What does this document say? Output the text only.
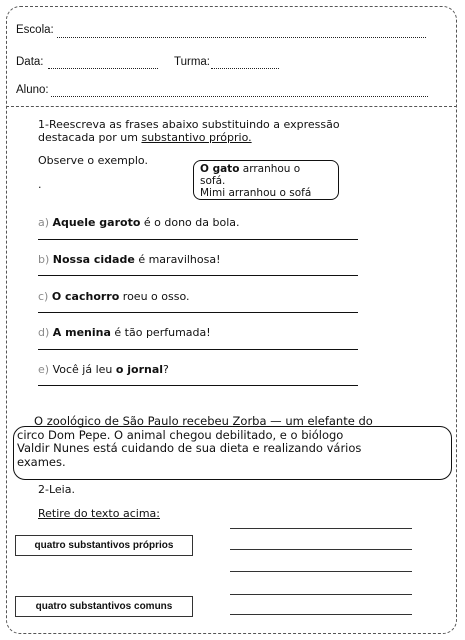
Escola:
Data:	Turma:
Aluno:
1-Reescreva as frases abaixo substituindo a expressão
destacada por um substantivo próprio.
Observe o exemplo.
.
O gato arranhou o
sofá.
Mimi arranhou o sofá
a) Aquele garoto é o dono da bola.
b) Nossa cidade é maravilhosa!
c) O cachorro roeu o osso.
d) A menina é tão perfumada!
e) Você já leu o jornal?
O zoológico de São Paulo recebeu Zorba — um elefante do
circo Dom Pepe. O animal chegou debilitado, e o biólogo
Valdir Nunes está cuidando de sua dieta e realizando vários
exames.
2-Leia.
Retire do texto acima:
quatro substantivos próprios
quatro substantivos comuns
